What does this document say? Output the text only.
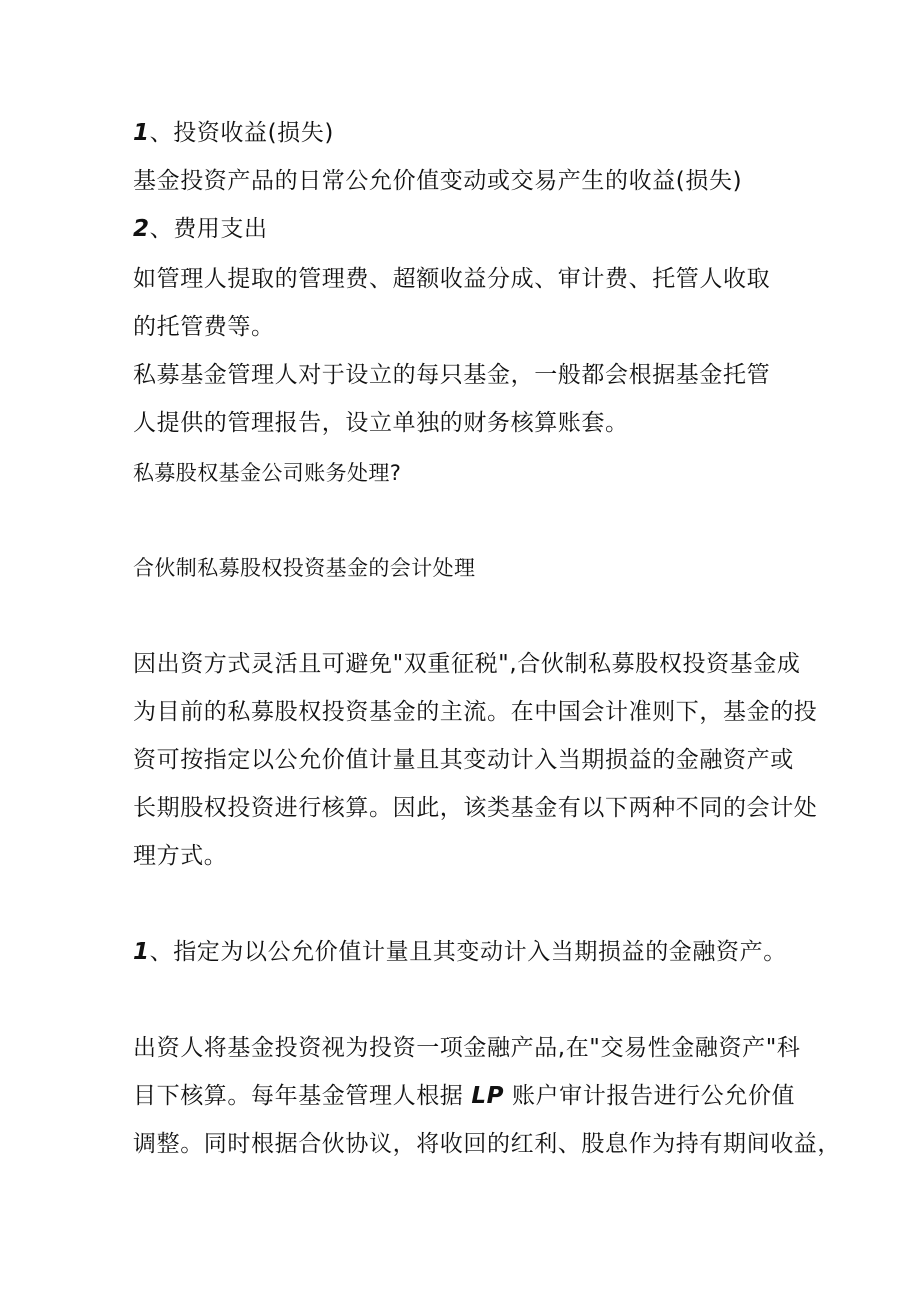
1、投资收益(损失)
基金投资产品的日常公允价值变动或交易产生的收益(损失)
2、费用支出
如管理人提取的管理费、超额收益分成、审计费、托管人收取
的托管费等。
私募基金管理人对于设立的每只基金，一般都会根据基金托管
人提供的管理报告，设立单独的财务核算账套。
私募股权基金公司账务处理?
合伙制私募股权投资基金的会计处理
因出资方式灵活且可避免"双重征税",合伙制私募股权投资基金成
为目前的私募股权投资基金的主流。在中国会计准则下，基金的投
资可按指定以公允价值计量且其变动计入当期损益的金融资产或
长期股权投资进行核算。因此，该类基金有以下两种不同的会计处
理方式。
1、指定为以公允价值计量且其变动计入当期损益的金融资产。
出资人将基金投资视为投资一项金融产品,在"交易性金融资产"科
目下核算。每年基金管理人根据 LP 账户审计报告进行公允价值
调整。同时根据合伙协议，将收回的红利、股息作为持有期间收益，
